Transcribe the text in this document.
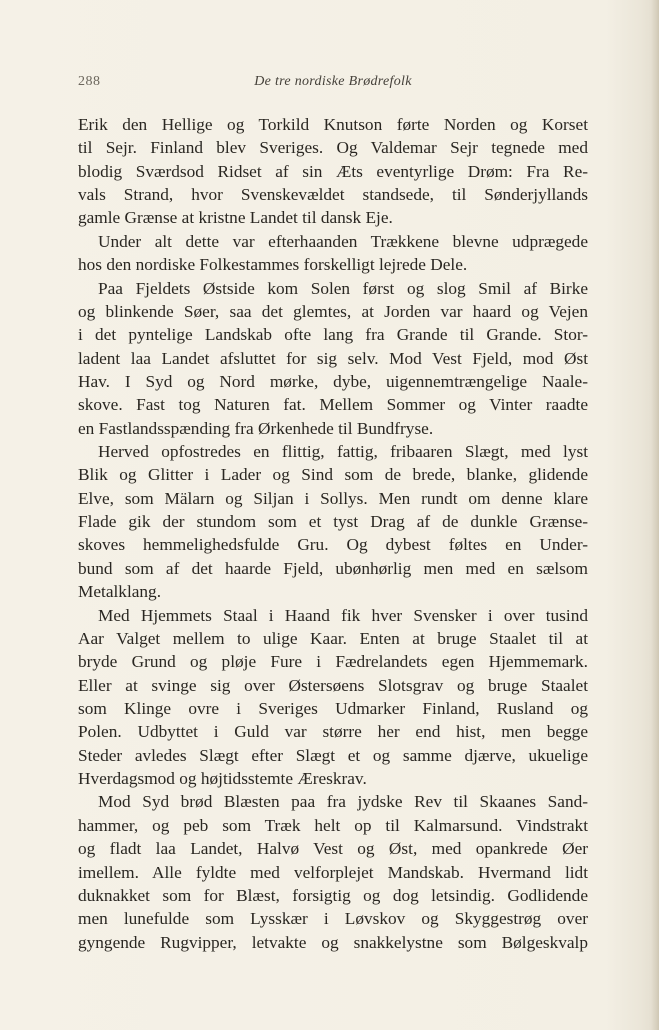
288	De tre nordiske Brødrefolk
Erik den Hellige og Torkild Knutson førte Norden og Korset
til Sejr. Finland blev Sveriges. Og Valdemar Sejr tegnede med
blodig Sværdsod Ridset af sin Æts eventyrlige Drøm: Fra Re-
vals Strand, hvor Svenskevældet standsede, til Sønderjyllands
gamle Grænse at kristne Landet til dansk Eje.
Under alt dette var efterhaanden Trækkene blevne udprægede
hos den nordiske Folkestammes forskelligt lejrede Dele.
Paa Fjeldets Østside kom Solen først og slog Smil af Birke
og blinkende Søer, saa det glemtes, at Jorden var haard og Vejen
i det pyntelige Landskab ofte lang fra Grande til Grande. Stor-
ladent laa Landet afsluttet for sig selv. Mod Vest Fjeld, mod Øst
Hav. I Syd og Nord mørke, dybe, uigennemtrængelige Naale-
skove. Fast tog Naturen fat. Mellem Sommer og Vinter raadte
en Fastlandsspænding fra Ørkenhede til Bundfryse.
Herved opfostredes en flittig, fattig, fribaaren Slægt, med lyst
Blik og Glitter i Lader og Sind som de brede, blanke, glidende
Elve, som Mälarn og Siljan i Sollys. Men rundt om denne klare
Flade gik der stundom som et tyst Drag af de dunkle Grænse-
skoves hemmelighedsfulde Gru. Og dybest føltes en Under-
bund som af det haarde Fjeld, ubønhørlig men med en sælsom
Metalklang.
Med Hjemmets Staal i Haand fik hver Svensker i over tusind
Aar Valget mellem to ulige Kaar. Enten at bruge Staalet til at
bryde Grund og pløje Fure i Fædrelandets egen Hjemmemark.
Eller at svinge sig over Østersøens Slotsgrav og bruge Staalet
som Klinge ovre i Sveriges Udmarker Finland, Rusland og
Polen. Udbyttet i Guld var større her end hist, men begge
Steder avledes Slægt efter Slægt et og samme djærve, ukuelige
Hverdagsmod og højtidsstemte Æreskrav.
Mod Syd brød Blæsten paa fra jydske Rev til Skaanes Sand-
hammer, og peb som Træk helt op til Kalmarsund. Vindstrakt
og fladt laa Landet, Halvø Vest og Øst, med opankrede Øer
imellem. Alle fyldte med velforplejet Mandskab. Hvermand lidt
duknakket som for Blæst, forsigtig og dog letsindig. Godlidende
men lunefulde som Lysskær i Løvskov og Skyggestrøg over
gyngende Rugvipper, letvakte og snakkelystne som Bølgeskvalp
